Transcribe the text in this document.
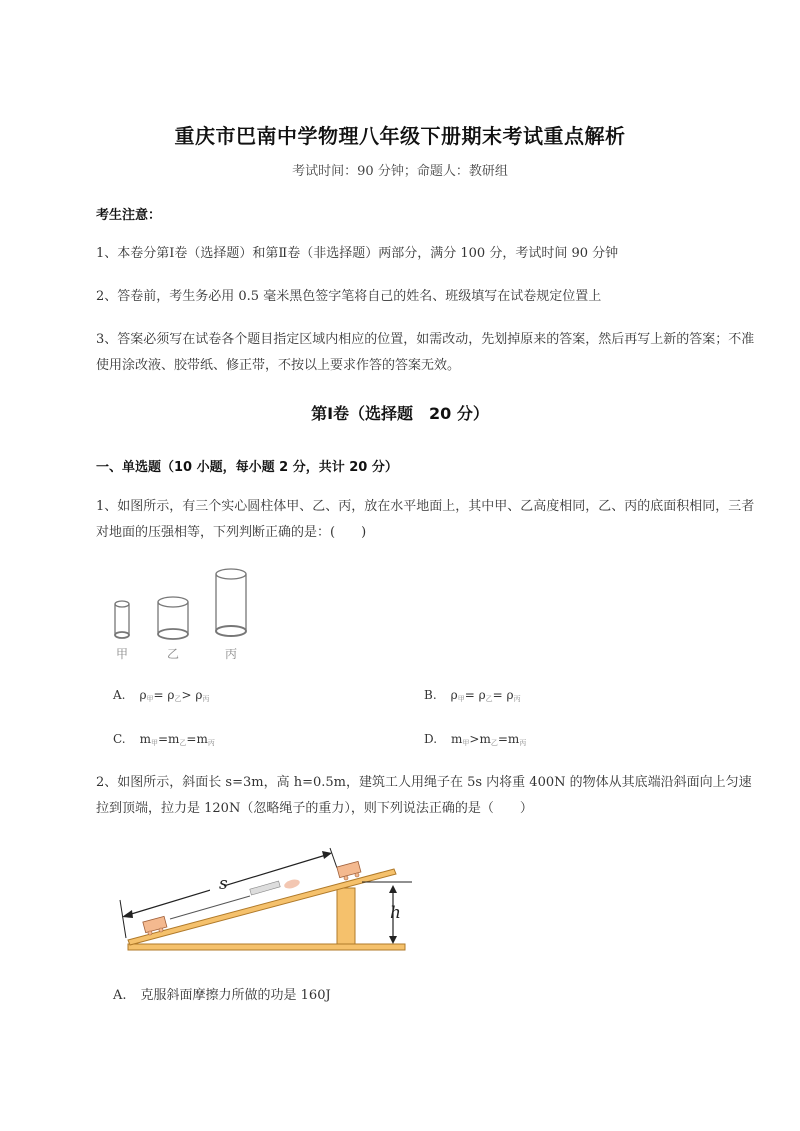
重庆市巴南中学物理八年级下册期末考试重点解析
考试时间：90 分钟；命题人：教研组
考生注意：
1、本卷分第Ⅰ卷（选择题）和第Ⅱ卷（非选择题）两部分，满分 100 分，考试时间 90 分钟
2、答卷前，考生务必用 0.5 毫米黑色签字笔将自己的姓名、班级填写在试卷规定位置上
3、答案必须写在试卷各个题目指定区域内相应的位置，如需改动，先划掉原来的答案，然后再写上新的答案；不准使用涂改液、胶带纸、修正带，不按以上要求作答的答案无效。
第Ⅰ卷（选择题　20 分）
一、单选题（10 小题，每小题 2 分，共计 20 分）
1、如图所示，有三个实心圆柱体甲、乙、丙，放在水平地面上，其中甲、乙高度相同，乙、丙的底面积相同，三者对地面的压强相等，下列判断正确的是：(　　)
甲	乙	丙
A. $\rho_甲= \rho_乙> \rho_丙$	B. $\rho_甲= \rho_乙= \rho_丙$
C. $m_甲=m_乙=m_丙$	D. $m_甲>m_乙=m_丙$
2、如图所示，斜面长 s=3m，高 h=0.5m，建筑工人用绳子在 5s 内将重 400N 的物体从其底端沿斜面向上匀速拉到顶端，拉力是 120N（忽略绳子的重力），则下列说法正确的是（　　）
s
h
A. 克服斜面摩擦力所做的功是 160J
